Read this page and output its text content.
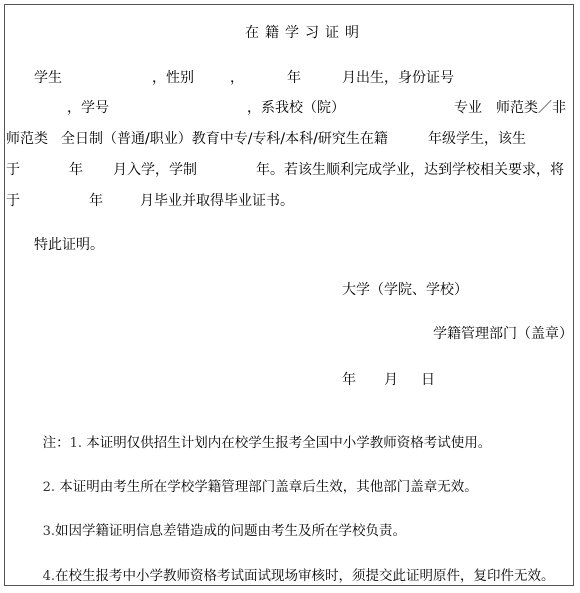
在籍学习证明
学生	，性别	，	年	月出生，身份证号
，学号	，系我校（院）	专业 师范类／非
师范类 全日制（普通/职业）教育中专/专科/本科/研究生在籍	年级学生，该生
于	年 月入学，学制	年。若该生顺利完成学业，达到学校相关要求，将
于	年	月毕业并取得毕业证书。
特此证明。
大学（学院、学校）
学籍管理部门（盖章）
年 月 日

注：1. 本证明仅供招生计划内在校学生报考全国中小学教师资格考试使用。

2. 本证明由考生所在学校学籍管理部门盖章后生效，其他部门盖章无效。

3.如因学籍证明信息差错造成的问题由考生及所在学校负责。

4.在校生报考中小学教师资格考试面试现场审核时，须提交此证明原件，复印件无效。
